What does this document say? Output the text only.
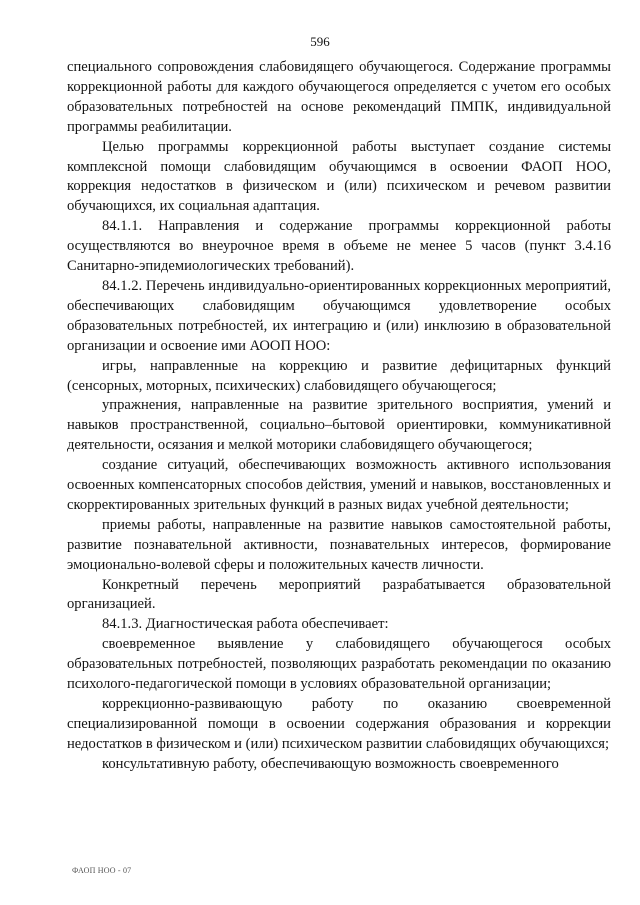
596

специального сопровождения слабовидящего обучающегося. Содержание программы коррекционной работы для каждого обучающегося определяется с учетом его особых образовательных потребностей на основе рекомендаций ПМПК, индивидуальной программы реабилитации.

Целью программы коррекционной работы выступает создание системы комплексной помощи слабовидящим обучающимся в освоении ФАОП НОО, коррекция недостатков в физическом и (или) психическом и речевом развитии обучающихся, их социальная адаптация.

84.1.1. Направления и содержание программы коррекционной работы осуществляются во внеурочное время в объеме не менее 5 часов (пункт 3.4.16 Санитарно-эпидемиологических требований).

84.1.2. Перечень индивидуально-ориентированных коррекционных мероприятий, обеспечивающих слабовидящим обучающимся удовлетворение особых образовательных потребностей, их интеграцию и (или) инклюзию в образовательной организации и освоение ими АООП НОО:

игры, направленные на коррекцию и развитие дефицитарных функций (сенсорных, моторных, психических) слабовидящего обучающегося;

упражнения, направленные на развитие зрительного восприятия, умений и навыков пространственной, социально–бытовой ориентировки, коммуникативной деятельности, осязания и мелкой моторики слабовидящего обучающегося;

создание ситуаций, обеспечивающих возможность активного использования освоенных компенсаторных способов действия, умений и навыков, восстановленных и скорректированных зрительных функций в разных видах учебной деятельности;

приемы работы, направленные на развитие навыков самостоятельной работы, развитие познавательной активности, познавательных интересов, формирование эмоционально-волевой сферы и положительных качеств личности.

Конкретный перечень мероприятий разрабатывается образовательной организацией.

84.1.3. Диагностическая работа обеспечивает:

своевременное выявление у слабовидящего обучающегося особых образовательных потребностей, позволяющих разработать рекомендации по оказанию психолого-педагогической помощи в условиях образовательной организации;

коррекционно-развивающую работу по оказанию своевременной специализированной помощи в освоении содержания образования и коррекции недостатков в физическом и (или) психическом развитии слабовидящих обучающихся;

консультативную работу, обеспечивающую возможность своевременного

ФАОП НОО - 07
